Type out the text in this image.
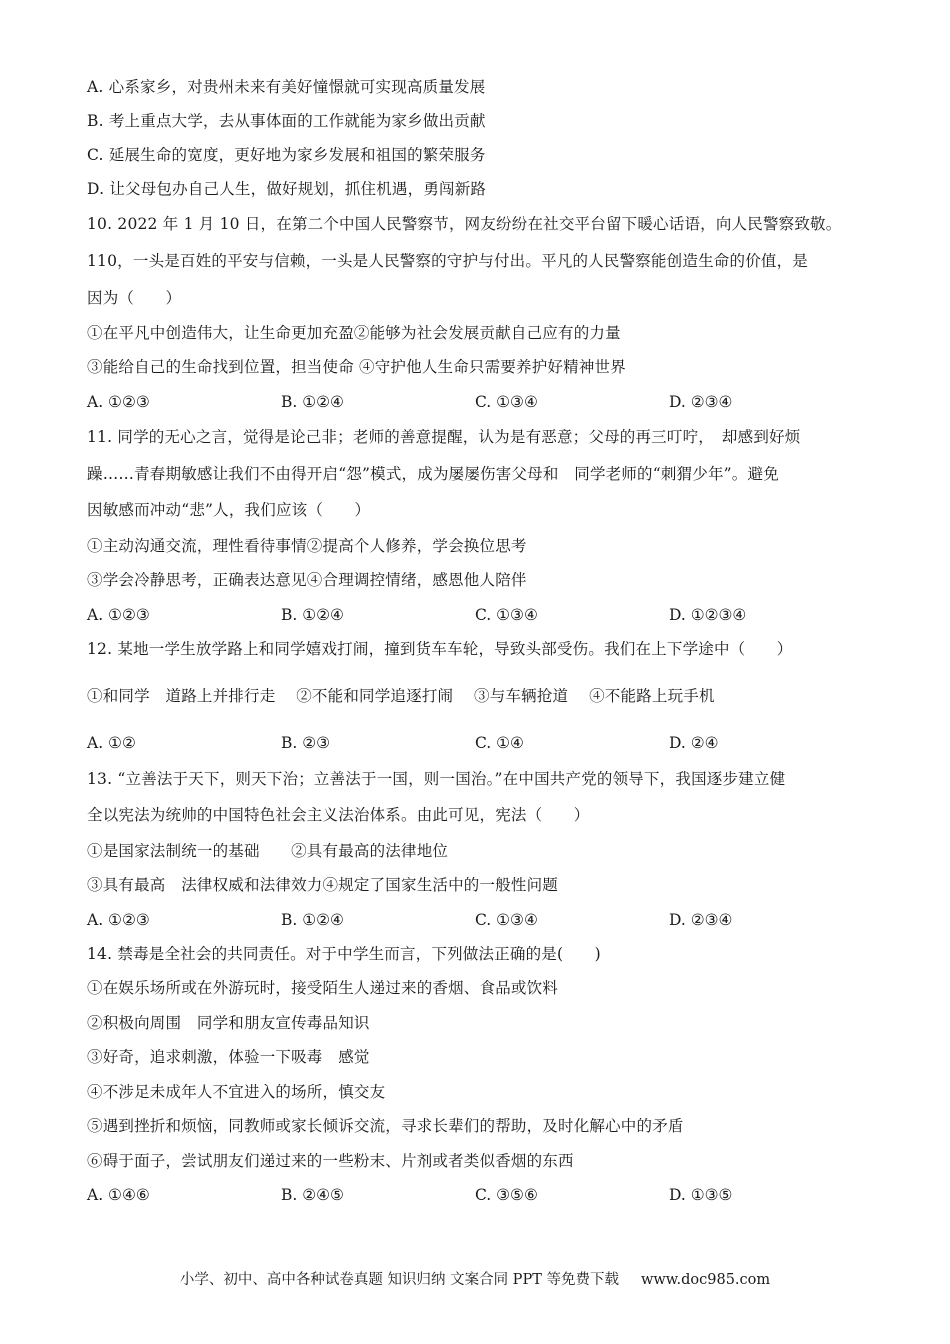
A. 心系家乡，对贵州未来有美好憧憬就可实现高质量发展
B. 考上重点大学，去从事体面的工作就能为家乡做出贡献
C. 延展生命的宽度，更好地为家乡发展和祖国的繁荣服务
D. 让父母包办自己人生，做好规划，抓住机遇，勇闯新路
10. 2022 年 1 月 10 日，在第二个中国人民警察节，网友纷纷在社交平台留下暖心话语，向人民警察致敬。
110，一头是百姓的平安与信赖，一头是人民警察的守护与付出。平凡的人民警察能创造生命的价值，是
因为（　　）
①在平凡中创造伟大，让生命更加充盈②能够为社会发展贡献自己应有的力量
③能给自己的生命找到位置，担当使命 ④守护他人生命只需要养护好精神世界
A. ①②③	B. ①②④	C. ①③④	D. ②③④
11. 同学的无心之言，觉得是论己非；老师的善意提醒，认为是有恶意；父母的再三叮咛，　却感到好烦
躁……青春期敏感让我们不由得开启“怨”模式，成为屡屡伤害父母和　同学老师的“刺猬少年”。避免
因敏感而冲动“悲”人，我们应该（　　）
①主动沟通交流，理性看待事情②提高个人修养，学会换位思考
③学会冷静思考，正确表达意见④合理调控情绪，感恩他人陪伴
A. ①②③	B. ①②④	C. ①③④	D. ①②③④
12. 某地一学生放学路上和同学嬉戏打闹，撞到货车车轮，导致头部受伤。我们在上下学途中（　　）
①和同学　道路上并排行走　 ②不能和同学追逐打闹　 ③与车辆抢道　 ④不能路上玩手机
A. ①②	B. ②③	C. ①④	D. ②④
13. “立善法于天下，则天下治；立善法于一国，则一国治。”在中国共产党的领导下，我国逐步建立健
全以宪法为统帅的中国特色社会主义法治体系。由此可见，宪法（　　）
①是国家法制统一的基础　　②具有最高的法律地位
③具有最高　法律权威和法律效力④规定了国家生活中的一般性问题
A. ①②③	B. ①②④	C. ①③④	D. ②③④
14. 禁毒是全社会的共同责任。对于中学生而言，下列做法正确的是(　　)
①在娱乐场所或在外游玩时，接受陌生人递过来的香烟、食品或饮料
②积极向周围　同学和朋友宣传毒品知识
③好奇，追求刺激，体验一下吸毒　感觉
④不涉足未成年人不宜进入的场所，慎交友
⑤遇到挫折和烦恼，同教师或家长倾诉交流，寻求长辈们的帮助，及时化解心中的矛盾
⑥碍于面子，尝试朋友们递过来的一些粉末、片剂或者类似香烟的东西
A. ①④⑥	B. ②④⑤	C. ③⑤⑥	D. ①③⑤
小学、初中、高中各种试卷真题 知识归纳 文案合同 PPT 等免费下载 www.doc985.com
